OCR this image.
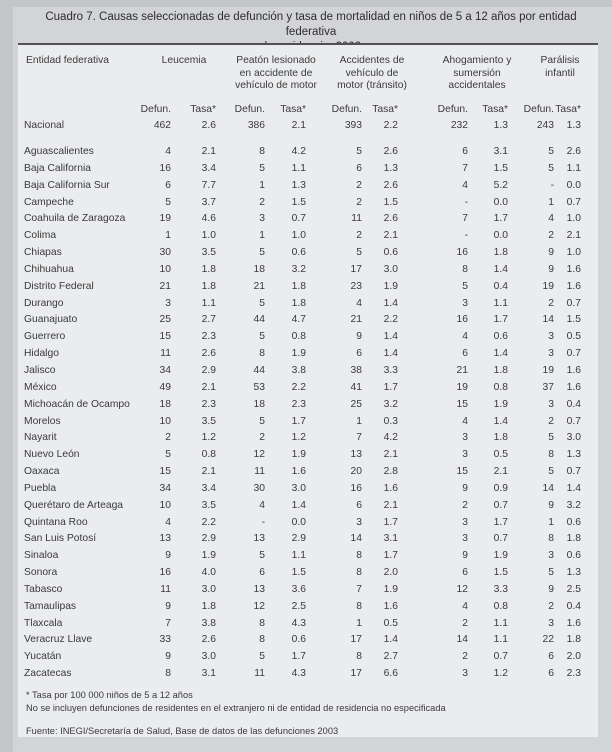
Cuadro 7. Causas seleccionadas de defunción y tasa de mortalidad en niños de 5 a 12 años por entidad federativa
Entidad federativa	Leucemia	Peatón lesionado
en accidente de
vehículo de motor
Accidentes de
vehículo de
motor (tránsito)
Ahogamiento y
sumersión
accidentales
Parálisis
infantil
Defun.	Tasa*	Defun.	Tasa*	Defun. Tasa*	Defun.	Tasa*	Defun. Tasa*
Nacional	462	2.6	386	2.1	393	2.2	232	1.3	243	1.3
Aguascalientes	4	2.1	8	4.2	5	2.6	6	3.1	5	2.6
Baja California	16	3.4	5	1.1	6	1.3	7	1.5	5	1.1
Baja California Sur	6	7.7	1	1.3	2	2.6	4	5.2	-	0.0
Campeche	5	3.7	2	1.5	2	1.5	-	0.0	1	0.7
Coahuila de Zaragoza	19	4.6	3	0.7	11	2.6	7	1.7	4	1.0
Colima	1	1.0	1	1.0	2	2.1	-	0.0	2	2.1
Chiapas	30	3.5	5	0.6	5	0.6	16	1.8	9	1.0
Chihuahua	10	1.8	18	3.2	17	3.0	8	1.4	9	1.6
Distrito Federal	21	1.8	21	1.8	23	1.9	5	0.4	19	1.6
Durango	3	1.1	5	1.8	4	1.4	3	1.1	2	0.7
Guanajuato	25	2.7	44	4.7	21	2.2	16	1.7	14	1.5
Guerrero	15	2.3	5	0.8	9	1.4	4	0.6	3	0.5
Hidalgo	11	2.6	8	1.9	6	1.4	6	1.4	3	0.7
Jalisco	34	2.9	44	3.8	38	3.3	21	1.8	19	1.6
México	49	2.1	53	2.2	41	1.7	19	0.8	37	1.6
Michoacán de Ocampo	18	2.3	18	2.3	25	3.2	15	1.9	3	0.4
Morelos	10	3.5	5	1.7	1	0.3	4	1.4	2	0.7
Nayarit	2	1.2	2	1.2	7	4.2	3	1.8	5	3.0
Nuevo León	5	0.8	12	1.9	13	2.1	3	0.5	8	1.3
Oaxaca	15	2.1	11	1.6	20	2.8	15	2.1	5	0.7
Puebla	34	3.4	30	3.0	16	1.6	9	0.9	14	1.4
Querétaro de Arteaga	10	3.5	4	1.4	6	2.1	2	0.7	9	3.2
Quintana Roo	4	2.2	-	0.0	3	1.7	3	1.7	1	0.6
San Luis Potosí	13	2.9	13	2.9	14	3.1	3	0.7	8	1.8
Sinaloa	9	1.9	5	1.1	8	1.7	9	1.9	3	0.6
Sonora	16	4.0	6	1.5	8	2.0	6	1.5	5	1.3
Tabasco	11	3.0	13	3.6	7	1.9	12	3.3	9	2.5
Tamaulipas	9	1.8	12	2.5	8	1.6	4	0.8	2	0.4
Tlaxcala	7	3.8	8	4.3	1	0.5	2	1.1	3	1.6
Veracruz Llave	33	2.6	8	0.6	17	1.4	14	1.1	22	1.8
Yucatán	9	3.0	5	1.7	8	2.7	2	0.7	6	2.0
Zacatecas	8	3.1	11	4.3	17	6.6	3	1.2	6	2.3
* Tasa por 100 000 niños de 5 a 12 años
No se incluyen defunciones de residentes en el extranjero ni de entidad de residencia no especificada
Fuente: INEGI/Secretaría de Salud, Base de datos de las defunciones 2003
